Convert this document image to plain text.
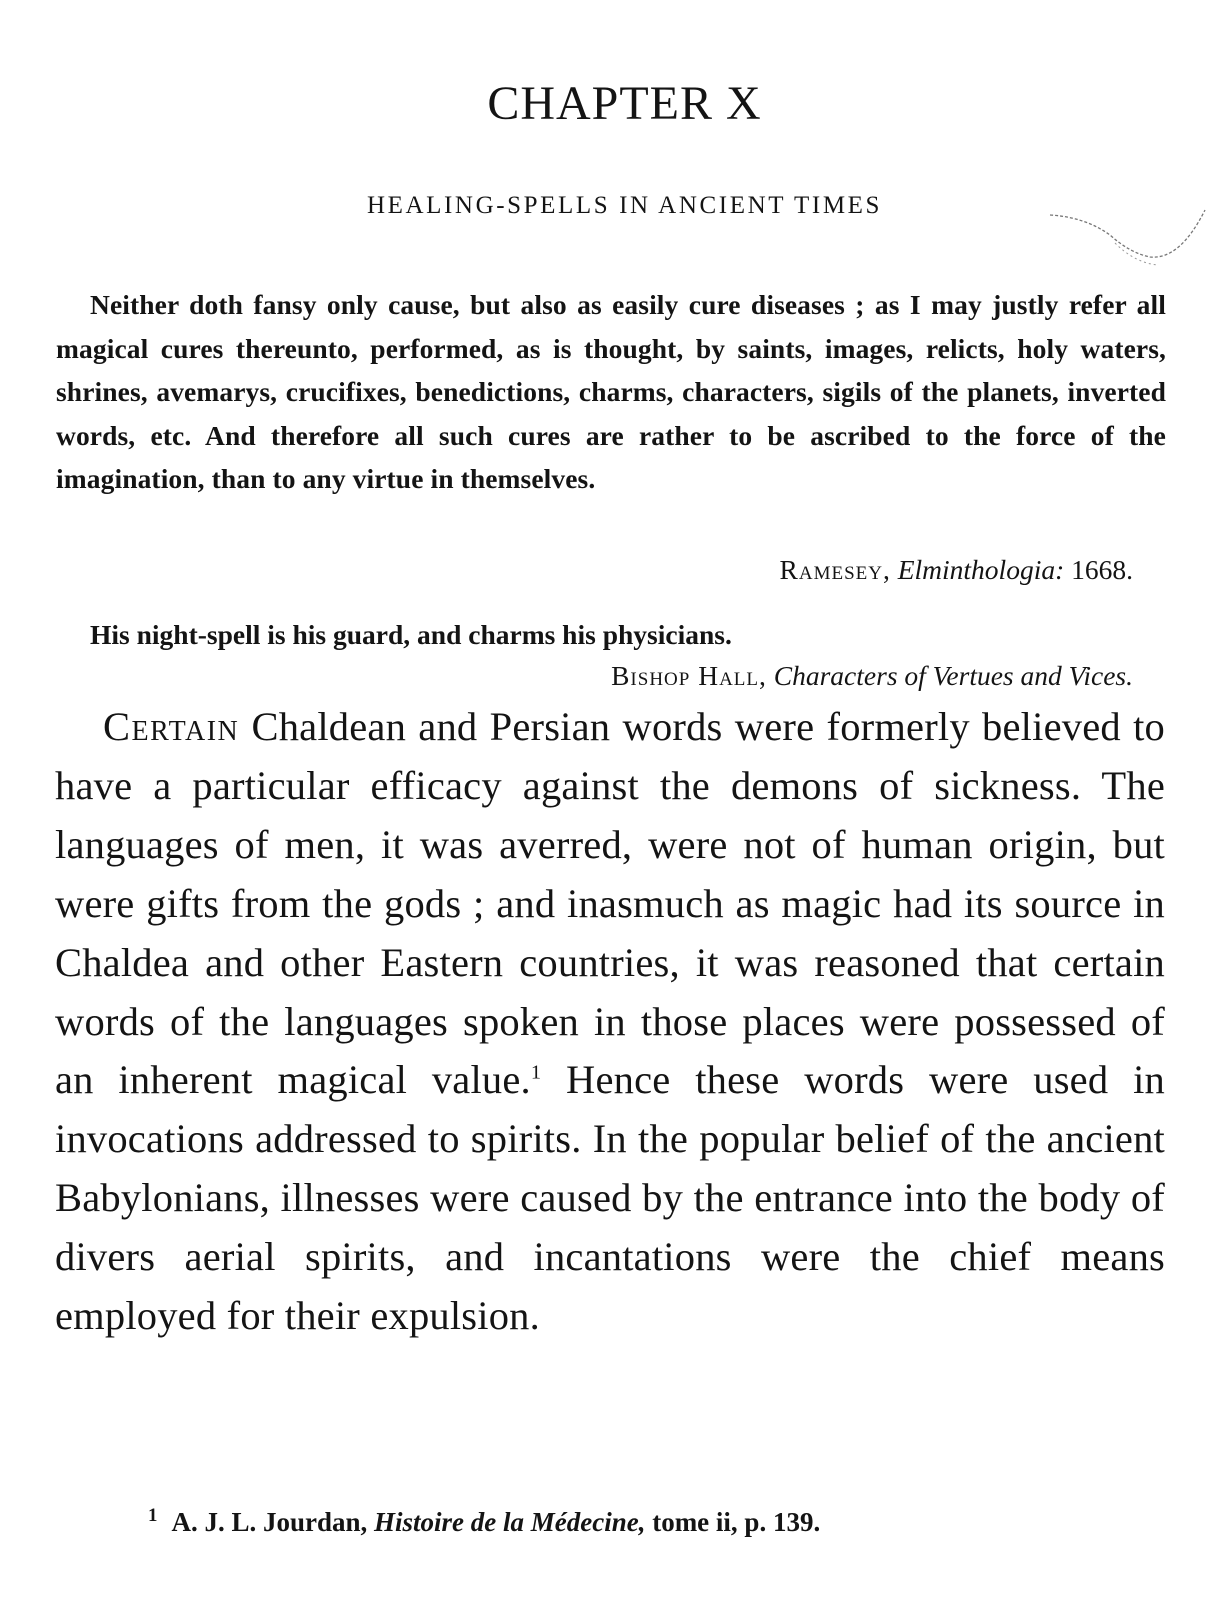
CHAPTER X
HEALING-SPELLS IN ANCIENT TIMES
Neither doth fansy only cause, but also as easily cure diseases ; as I may justly refer all magical cures thereunto, performed, as is thought, by saints, images, relicts, holy waters, shrines, avemarys, crucifixes, benedictions, charms, characters, sigils of the planets, inverted words, etc. And therefore all such cures are rather to be ascribed to the force of the imagination, than to any virtue in themselves.
Ramesey, Elminthologia: 1668.
His night-spell is his guard, and charms his physicians.
Bishop Hall, Characters of Vertues and Vices.
Certain Chaldean and Persian words were formerly believed to have a particular efficacy against the demons of sickness. The languages of men, it was averred, were not of human origin, but were gifts from the gods ; and inasmuch as magic had its source in Chaldea and other Eastern countries, it was reasoned that certain words of the languages spoken in those places were possessed of an inherent magical value.$^1$ Hence these words were used in invocations addressed to spirits. In the popular belief of the ancient Babylonians, illnesses were caused by the entrance into the body of divers aerial spirits, and incantations were the chief means employed for their expulsion.
$^1$ A. J. L. Jourdan, Histoire de la Médecine, tome ii, p. 139.
